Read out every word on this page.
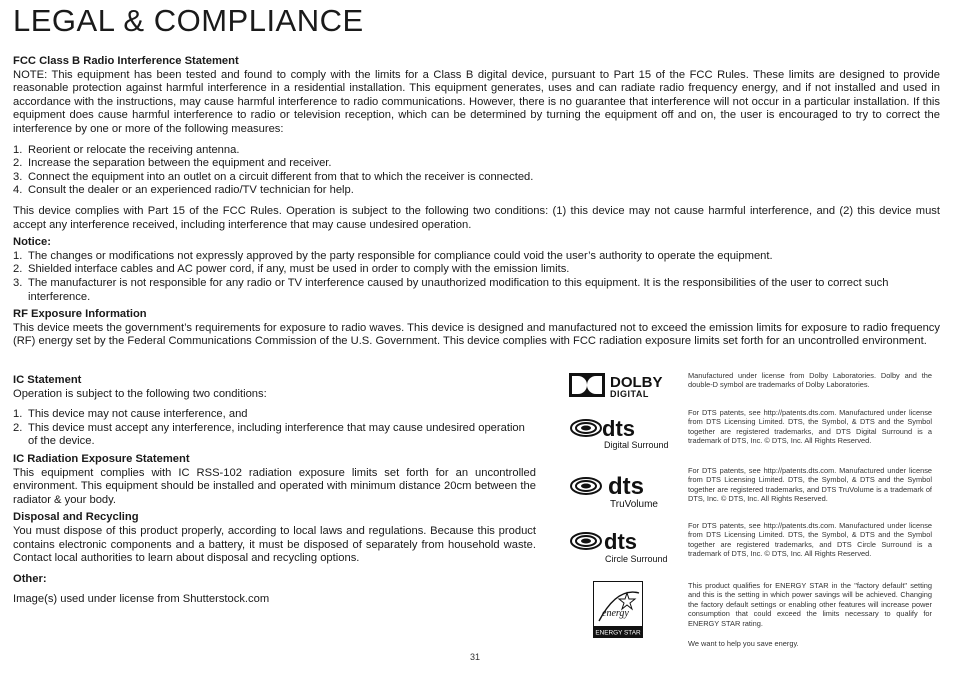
LEGAL & COMPLIANCE

FCC Class B Radio Interference Statement

NOTE: This equipment has been tested and found to comply with the limits for a Class B digital device, pursuant to Part 15 of the FCC Rules. These limits are designed to provide reasonable protection against harmful interference in a residential installation. This equipment generates, uses and can radiate radio frequency energy, and if not installed and used in accordance with the instructions, may cause harmful interference to radio communications. However, there is no guarantee that interference will not occur in a particular installation. If this equipment does cause harmful interference to radio or television reception, which can be determined by turning the equipment off and on, the user is encouraged to try to correct the interference by one or more of the following measures:

1. Reorient or relocate the receiving antenna.
2. Increase the separation between the equipment and receiver.
3. Connect the equipment into an outlet on a circuit different from that to which the receiver is connected.
4. Consult the dealer or an experienced radio/TV technician for help.

This device complies with Part 15 of the FCC Rules. Operation is subject to the following two conditions: (1) this device may not cause harmful interference, and (2) this device must accept any interference received, including interference that may cause undesired operation.

Notice:

1. The changes or modifications not expressly approved by the party responsible for compliance could void the user’s authority to operate the equipment.
2. Shielded interface cables and AC power cord, if any, must be used in order to comply with the emission limits.
3. The manufacturer is not responsible for any radio or TV interference caused by unauthorized modification to this equipment. It is the responsibilities of the user to correct such interference.

RF Exposure Information

This device meets the government’s requirements for exposure to radio waves. This device is designed and manufactured not to exceed the emission limits for exposure to radio frequency (RF) energy set by the Federal Communications Commission of the U.S. Government. This device complies with FCC radiation exposure limits set forth for an uncontrolled environment.

IC Statement

Operation is subject to the following two conditions:

1. This device may not cause interference, and
2. This device must accept any interference, including interference that may cause undesired operation of the device.

IC Radiation Exposure Statement

This equipment complies with IC RSS-102 radiation exposure limits set forth for an uncontrolled environment. This equipment should be installed and operated with minimum distance 20cm between the radiator & your body.

Disposal and Recycling

You must dispose of this product properly, according to local laws and regulations. Because this product contains electronic components and a battery, it must be disposed of separately from household waste. Contact local authorities to learn about disposal and recycling options.

Other:

Image(s) used under license from Shutterstock.com

DOLBY
DIGITAL
Manufactured under license from Dolby Laboratories. Dolby and the double-D symbol are trademarks of Dolby Laboratories.
dts
Digital Surround
For DTS patents, see http://patents.dts.com. Manufactured under license from DTS Licensing Limited. DTS, the Symbol, & DTS and the Symbol together are registered trademarks, and DTS Digital Surround is a trademark of DTS, Inc. © DTS, Inc. All Rights Reserved.
dts
TruVolume
For DTS patents, see http://patents.dts.com. Manufactured under license from DTS Licensing Limited. DTS, the Symbol, & DTS and the Symbol together are registered trademarks, and DTS TruVolume is a trademark of DTS, Inc. © DTS, Inc. All Rights Reserved.
dts
Circle Surround
For DTS patents, see http://patents.dts.com. Manufactured under license from DTS Licensing Limited. DTS, the Symbol, & DTS and the Symbol together are registered trademarks, and DTS Circle Surround is a trademark of DTS, Inc. © DTS, Inc. All Rights Reserved.
energy
ENERGY STAR
This product qualifies for ENERGY STAR in the "factory default" setting and this is the setting in which power savings will be achieved. Changing the factory default settings or enabling other features will increase power consumption that could exceed the limits necessary to qualify for ENERGY STAR rating.
We want to help you save energy.
31
